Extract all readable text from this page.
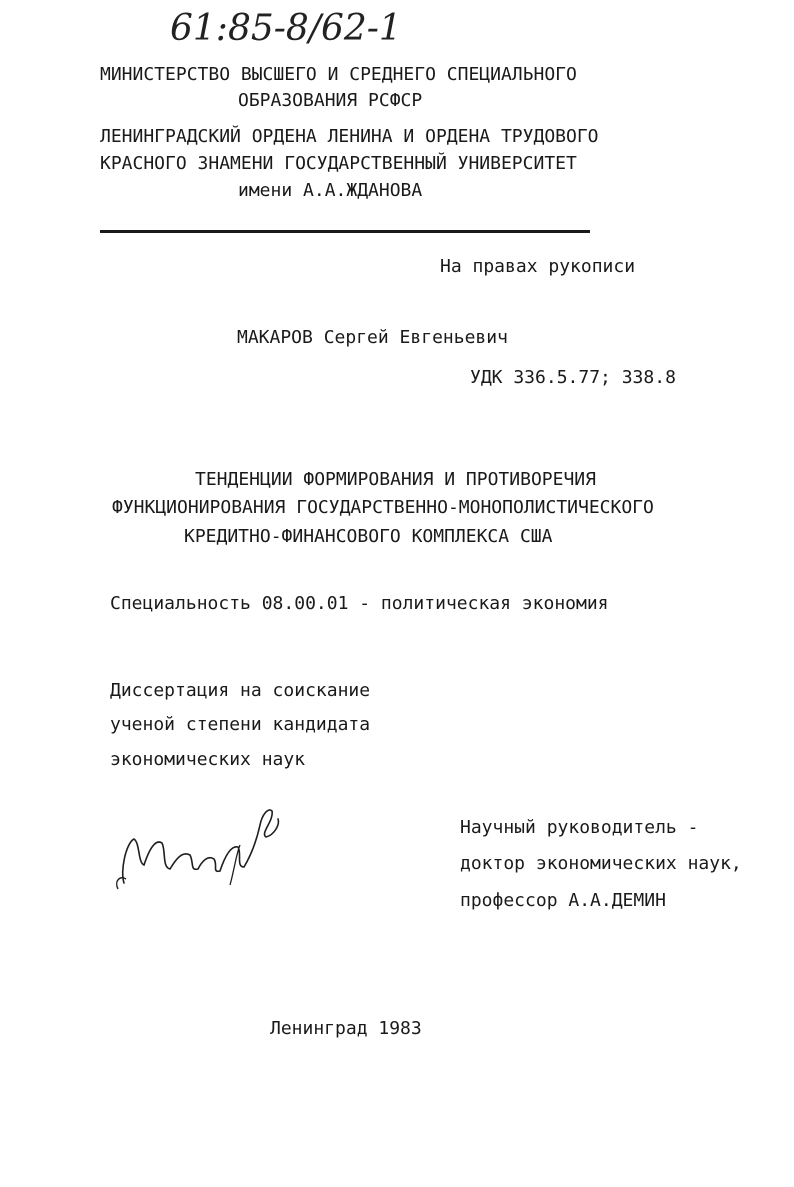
61:85-8/62-1
МИНИСТЕРСТВО ВЫСШЕГО И СРЕДНЕГО СПЕЦИАЛЬНОГО
ОБРАЗОВАНИЯ РСФСР
ЛЕНИНГРАДСКИЙ ОРДЕНА ЛЕНИНА И ОРДЕНА ТРУДОВОГО
КРАСНОГО ЗНАМЕНИ ГОСУДАРСТВЕННЫЙ УНИВЕРСИТЕТ
имени А.А.ЖДАНОВА
На правах рукописи
МАКАРОВ Сергей Евгеньевич
УДК 336.5.77; 338.8
ТЕНДЕНЦИИ ФОРМИРОВАНИЯ И ПРОТИВОРЕЧИЯ
ФУНКЦИОНИРОВАНИЯ ГОСУДАРСТВЕННО-МОНОПОЛИСТИЧЕСКОГО
КРЕДИТНО-ФИНАНСОВОГО КОМПЛЕКСА США
Специальность 08.00.01 - политическая экономия
Диссертация на соискание
ученой степени кандидата
экономических наук
Научный руководитель -
доктор экономических наук,
профессор А.А.ДЕМИН
Ленинград 1983
